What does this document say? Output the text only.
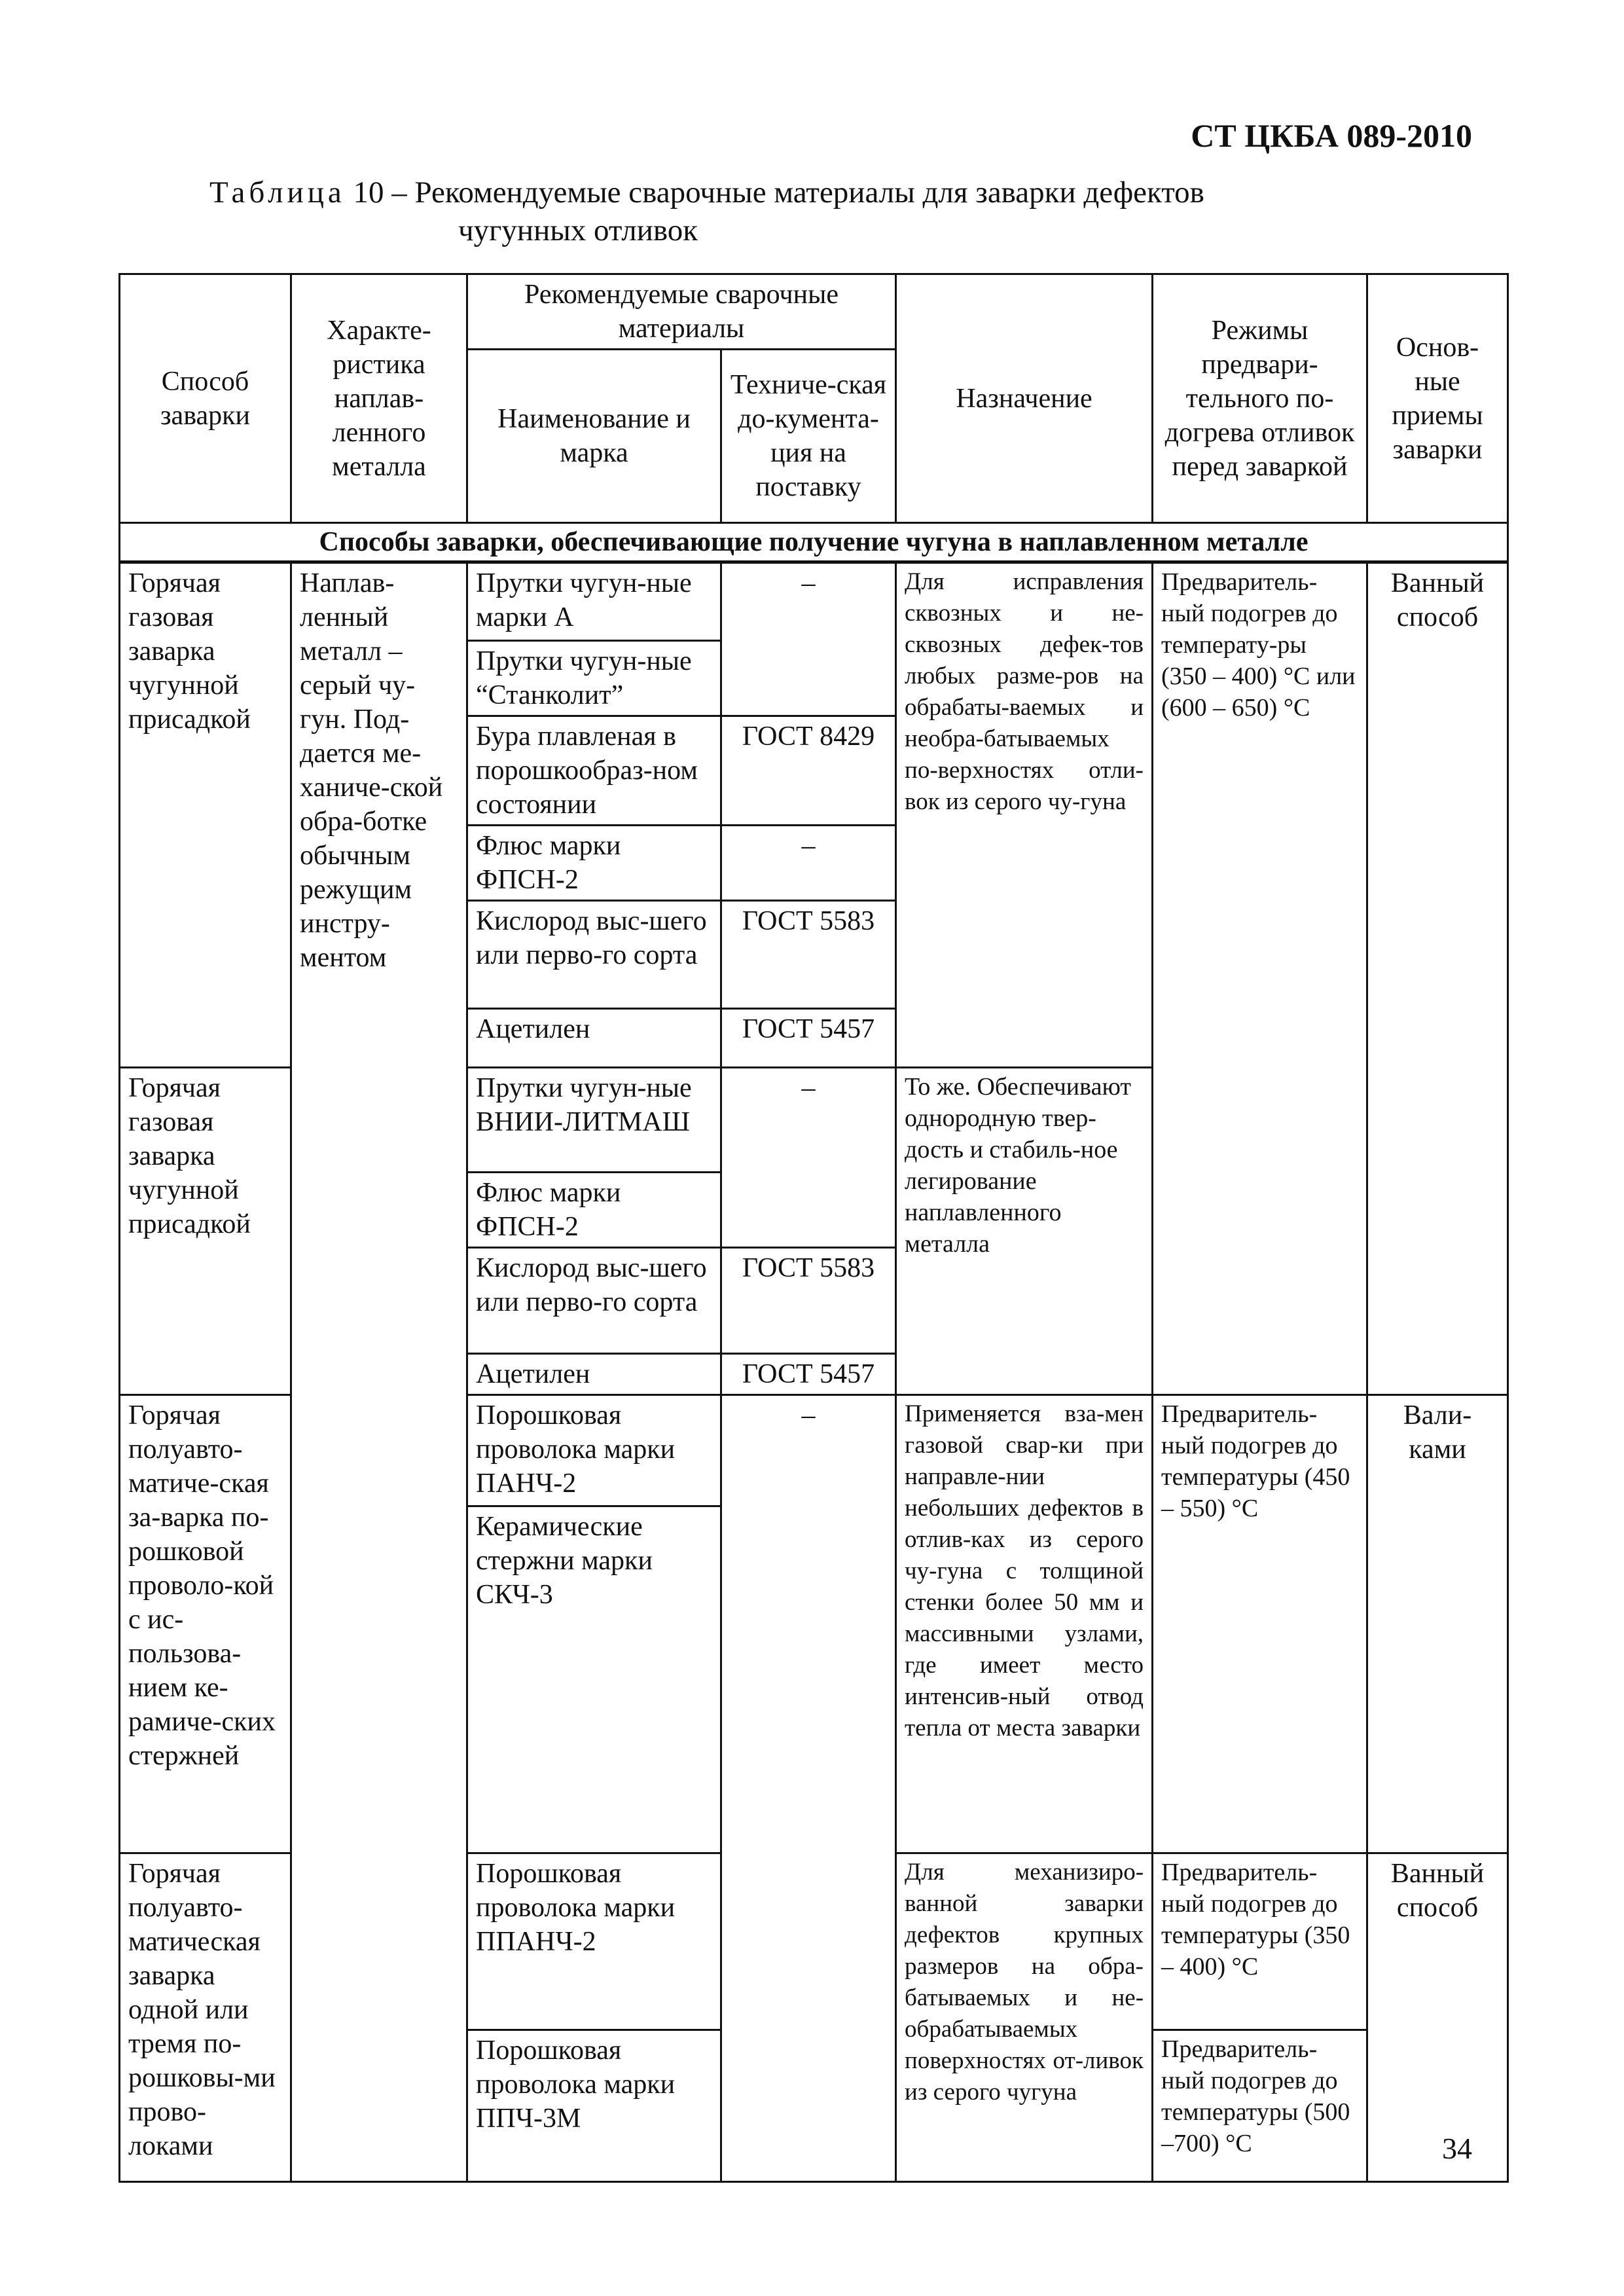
СТ ЦКБА 089-2010
Таблица 10 – Рекомендуемые сварочные материалы для заварки дефектов
чугунных отливок
Способ заварки	Характе-ристика наплав-ленного металла	Рекомендуемые сварочные материалы		Назначение	Режимы предвари-тельного по-догрева отливок перед заваркой	Основ-ные приемы заварки
		Наименование и марка	Техниче-ская до-кумента-ция на поставку			
Способы заварки, обеспечивающие получение чугуна в наплавленном металле						
Горячая газовая заварка чугунной присадкой	Наплав-ленный металл – серый чу-гун. Под-дается ме-ханиче-ской обра-ботке обычным режущим инстру-ментом	Прутки чугун-ные марки А	–	Для исправления сквозных и не-сквозных дефек-тов любых разме-ров на обрабаты-ваемых и необра-батываемых по-верхностях отли-вок из серого чу-гуна	Предваритель-ный подогрев до температу-ры (350 – 400) °С или (600 – 650) °С	Ванный способ
		Прутки чугун-ные “Станколит”				
		Бура плавленая в порошкообраз-ном состоянии	ГОСТ 8429			
		Флюс марки ФПСН-2	–			
		Кислород выс-шего или перво-го сорта	ГОСТ 5583			
		Ацетилен	ГОСТ 5457			
Горячая газовая заварка чугунной присадкой		Прутки чугун-ные ВНИИ-ЛИТМАШ	–	То же. Обеспечивают однородную твер-дость и стабиль-ное легирование наплавленного металла		
		Флюс марки ФПСН-2				
		Кислород выс-шего или перво-го сорта	ГОСТ 5583			
		Ацетилен	ГОСТ 5457			
Горячая полуавто-матиче-ская за-варка по-рошковой проволо-кой с ис-пользова-нием ке-рамиче-ских стержней		Порошковая проволока марки ПАНЧ-2	–	Применяется вза-мен газовой свар-ки при направле-нии небольших дефектов в отлив-ках из серого чу-гуна с толщиной стенки более 50 мм и массивными узлами, где имеет место интенсив-ный отвод тепла от места заварки	Предваритель-ный подогрев до температуры (450 – 550) °С	Вали-ками
		Керамические стержни марки СКЧ-3				
Горячая полуавто-матическая заварка одной или тремя по-рошковы-ми прово-локами		Порошковая проволока марки ППАНЧ-2		Для механизиро-ванной заварки дефектов крупных размеров на обра-батываемых и не-обрабатываемых поверхностях от-ливок из серого чугуна	Предваритель-ный подогрев до температуры (350 – 400) °С	Ванный способ
		Порошковая проволока марки ППЧ-3М			Предваритель-ный подогрев до температуры (500 –700) °С		34
